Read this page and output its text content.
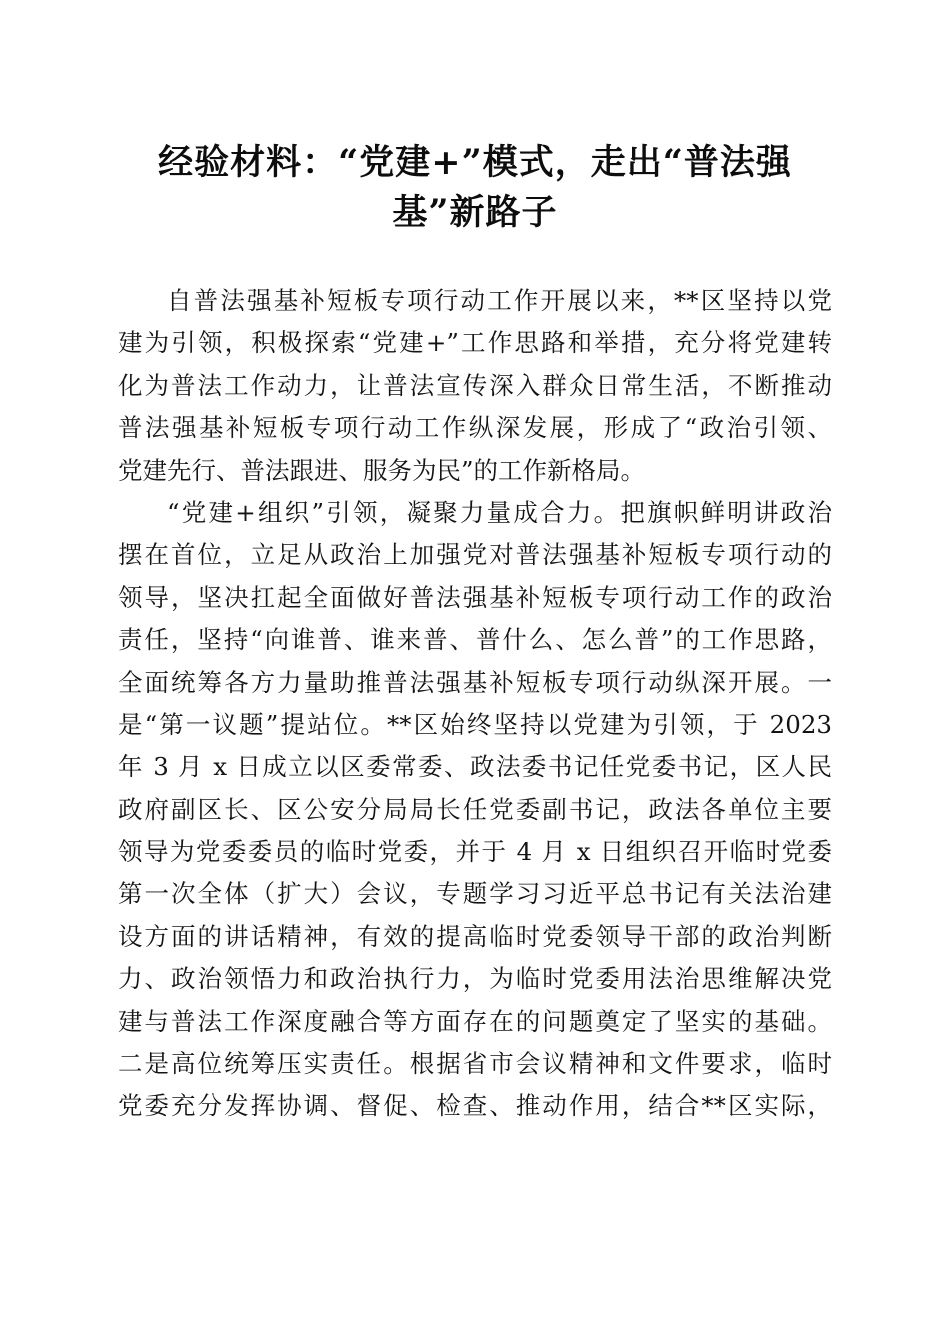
经验材料：“党建+”模式，走出“普法强
基”新路子
自普法强基补短板专项行动工作开展以来，**区坚持以党
建为引领，积极探索“党建+”工作思路和举措，充分将党建转
化为普法工作动力，让普法宣传深入群众日常生活，不断推动
普法强基补短板专项行动工作纵深发展，形成了“政治引领、
党建先行、普法跟进、服务为民”的工作新格局。
“党建+组织”引领，凝聚力量成合力。把旗帜鲜明讲政治
摆在首位，立足从政治上加强党对普法强基补短板专项行动的
领导，坚决扛起全面做好普法强基补短板专项行动工作的政治
责任，坚持“向谁普、谁来普、普什么、怎么普”的工作思路，
全面统筹各方力量助推普法强基补短板专项行动纵深开展。一
是“第一议题”提站位。**区始终坚持以党建为引领，于 2023
年 3 月 x 日成立以区委常委、政法委书记任党委书记，区人民
政府副区长、区公安分局局长任党委副书记，政法各单位主要
领导为党委委员的临时党委，并于 4 月 x 日组织召开临时党委
第一次全体（扩大）会议，专题学习习近平总书记有关法治建
设方面的讲话精神，有效的提高临时党委领导干部的政治判断
力、政治领悟力和政治执行力，为临时党委用法治思维解决党
建与普法工作深度融合等方面存在的问题奠定了坚实的基础。
二是高位统筹压实责任。根据省市会议精神和文件要求，临时
党委充分发挥协调、督促、检查、推动作用，结合**区实际，
